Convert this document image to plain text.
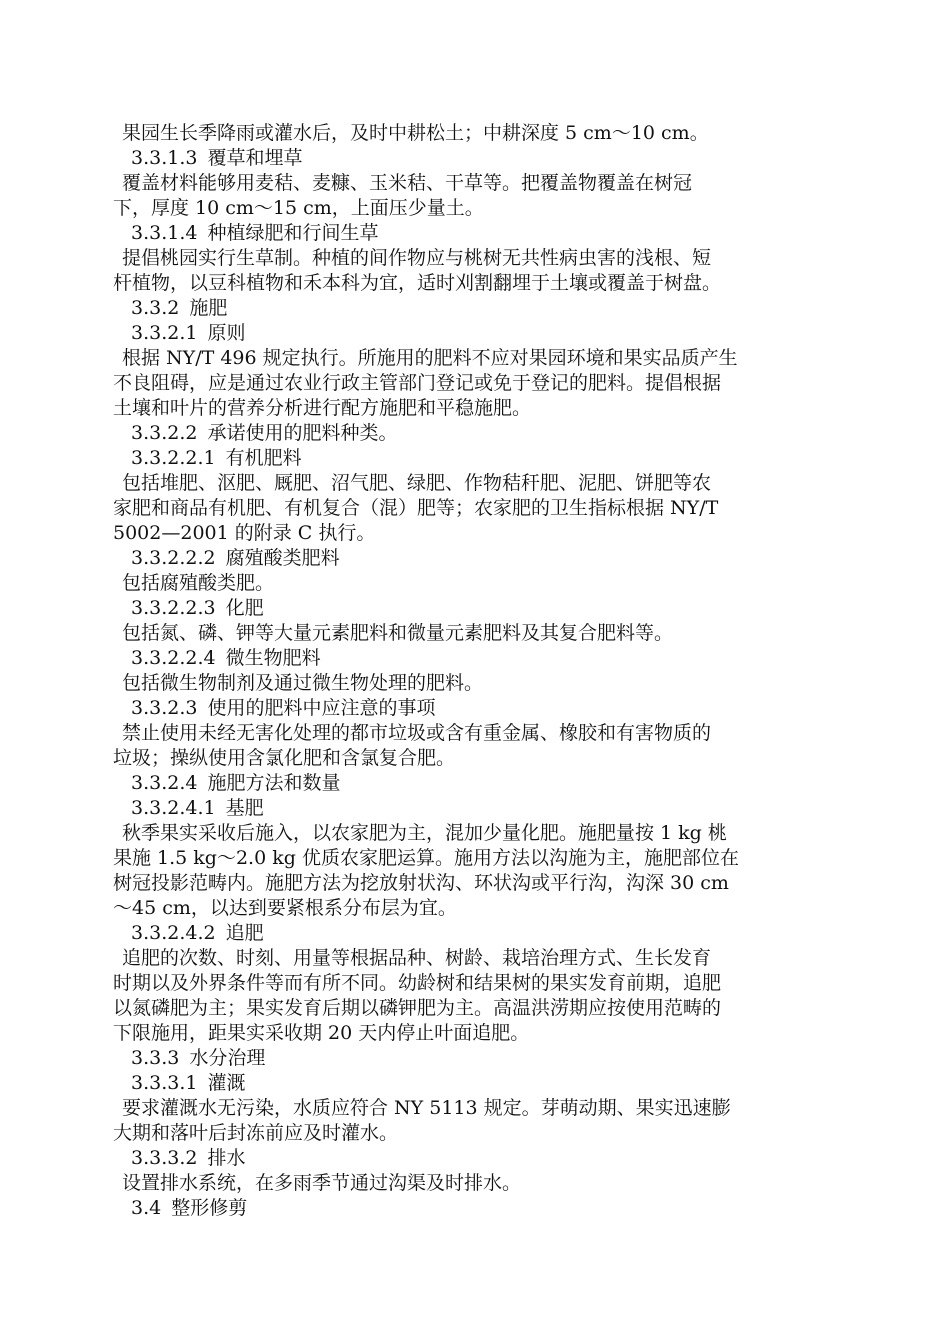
果园生长季降雨或灌水后，及时中耕松土；中耕深度 5 cm～10 cm。
3.3.1.3 覆草和埋草
覆盖材料能够用麦秸、麦糠、玉米秸、干草等。把覆盖物覆盖在树冠
下，厚度 10 cm～15 cm，上面压少量土。
3.3.1.4 种植绿肥和行间生草
提倡桃园实行生草制。种植的间作物应与桃树无共性病虫害的浅根、短
杆植物，以豆科植物和禾本科为宜，适时刈割翻埋于土壤或覆盖于树盘。
3.3.2 施肥
3.3.2.1 原则
根据 NY/T 496 规定执行。所施用的肥料不应对果园环境和果实品质产生
不良阻碍，应是通过农业行政主管部门登记或免于登记的肥料。提倡根据
土壤和叶片的营养分析进行配方施肥和平稳施肥。
3.3.2.2 承诺使用的肥料种类。
3.3.2.2.1 有机肥料
包括堆肥、沤肥、厩肥、沼气肥、绿肥、作物秸秆肥、泥肥、饼肥等农
家肥和商品有机肥、有机复合（混）肥等；农家肥的卫生指标根据 NY/T
5002—2001 的附录 C 执行。
3.3.2.2.2 腐殖酸类肥料
包括腐殖酸类肥。
3.3.2.2.3 化肥
包括氮、磷、钾等大量元素肥料和微量元素肥料及其复合肥料等。
3.3.2.2.4 微生物肥料
包括微生物制剂及通过微生物处理的肥料。
3.3.2.3 使用的肥料中应注意的事项
禁止使用未经无害化处理的都市垃圾或含有重金属、橡胶和有害物质的
垃圾；操纵使用含氯化肥和含氯复合肥。
3.3.2.4 施肥方法和数量
3.3.2.4.1 基肥
秋季果实采收后施入，以农家肥为主，混加少量化肥。施肥量按 1 kg 桃
果施 1.5 kg～2.0 kg 优质农家肥运算。施用方法以沟施为主，施肥部位在
树冠投影范畴内。施肥方法为挖放射状沟、环状沟或平行沟，沟深 30 cm
～45 cm，以达到要紧根系分布层为宜。
3.3.2.4.2 追肥
追肥的次数、时刻、用量等根据品种、树龄、栽培治理方式、生长发育
时期以及外界条件等而有所不同。幼龄树和结果树的果实发育前期，追肥
以氮磷肥为主；果实发育后期以磷钾肥为主。高温洪涝期应按使用范畴的
下限施用，距果实采收期 20 天内停止叶面追肥。
3.3.3 水分治理
3.3.3.1 灌溉
要求灌溉水无污染，水质应符合 NY 5113 规定。芽萌动期、果实迅速膨
大期和落叶后封冻前应及时灌水。
3.3.3.2 排水
设置排水系统，在多雨季节通过沟渠及时排水。
3.4 整形修剪
